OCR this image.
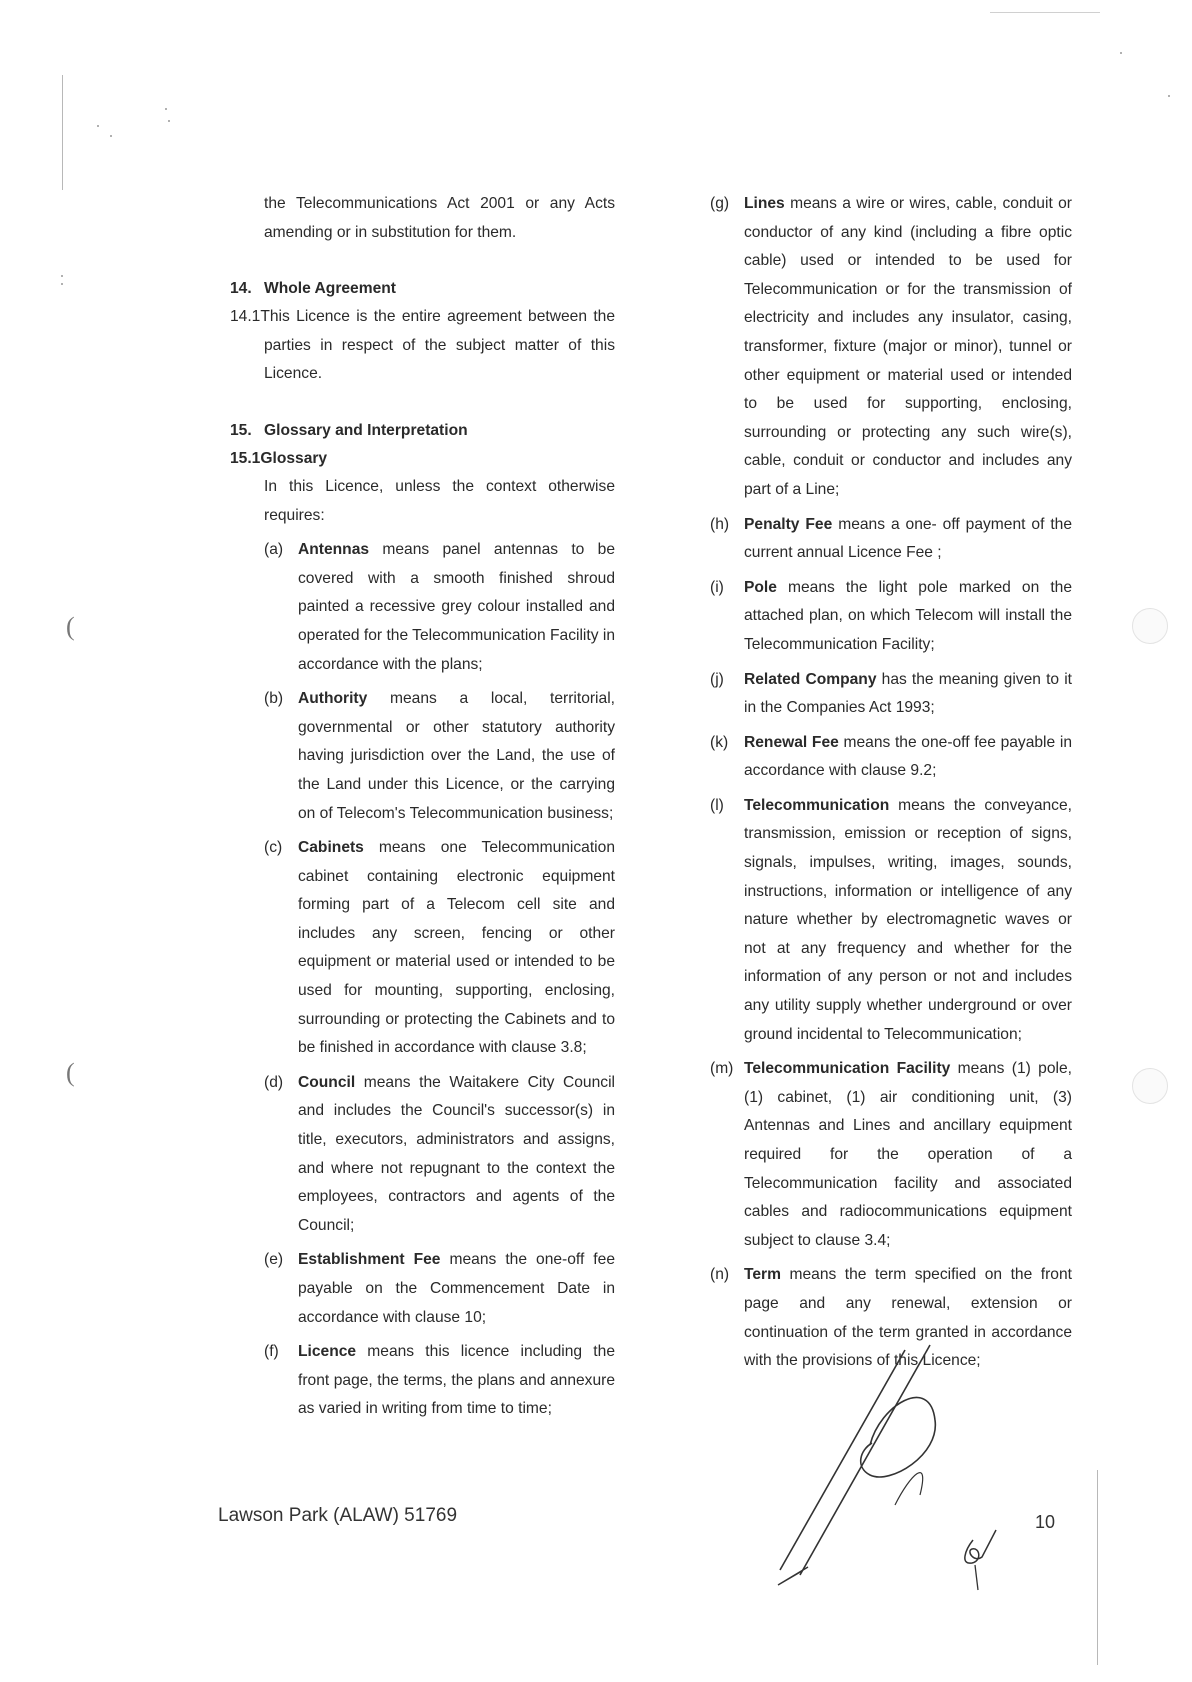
(
(

the Telecommunications Act 2001 or any Acts amending or in substitution for them.

14. Whole Agreement
14.1This Licence is the entire agreement between the parties in respect of the subject matter of this Licence.
15. Glossary and Interpretation
15.1Glossary

In this Licence, unless the context otherwise requires:

(a) Antennas means panel antennas to be covered with a smooth finished shroud painted a recessive grey colour installed and operated for the Telecommunication Facility in accordance with the plans;
(b) Authority means a local, territorial, governmental or other statutory authority having jurisdiction over the Land, the use of the Land under this Licence, or the carrying on of Telecom's Telecommunication business;
(c) Cabinets means one Telecommunication cabinet containing electronic equipment forming part of a Telecom cell site and includes any screen, fencing or other equipment or material used or intended to be used for mounting, supporting, enclosing, surrounding or protecting the Cabinets and to be finished in accordance with clause 3.8;
(d) Council means the Waitakere City Council and includes the Council's successor(s) in title, executors, administrators and assigns, and where not repugnant to the context the employees, contractors and agents of the Council;
(e) Establishment Fee means the one-off fee payable on the Commencement Date in accordance with clause 10;
(f) Licence means this licence including the front page, the terms, the plans and annexure as varied in writing from time to time;
(g) Lines means a wire or wires, cable, conduit or conductor of any kind (including a fibre optic cable) used or intended to be used for Telecommunication or for the transmission of electricity and includes any insulator, casing, transformer, fixture (major or minor), tunnel or other equipment or material used or intended to be used for supporting, enclosing, surrounding or protecting any such wire(s), cable, conduit or conductor and includes any part of a Line;
(h) Penalty Fee means a one- off payment of the current annual Licence Fee ;
(i) Pole means the light pole marked on the attached plan, on which Telecom will install the Telecommunication Facility;
(j) Related Company has the meaning given to it in the Companies Act 1993;
(k) Renewal Fee means the one-off fee payable in accordance with clause 9.2;
(l) Telecommunication means the conveyance, transmission, emission or reception of signs, signals, impulses, writing, images, sounds, instructions, information or intelligence of any nature whether by electromagnetic waves or not at any frequency and whether for the information of any person or not and includes any utility supply whether underground or over ground incidental to Telecommunication;
(m) Telecommunication Facility means (1) pole, (1) cabinet, (1) air conditioning unit, (3) Antennas and Lines and ancillary equipment required for the operation of a Telecommunication facility and associated cables and radiocommunications equipment subject to clause 3.4;
(n) Term means the term specified on the front page and any renewal, extension or continuation of the term granted in accordance with the provisions of this Licence;
Lawson Park (ALAW) 51769	10
